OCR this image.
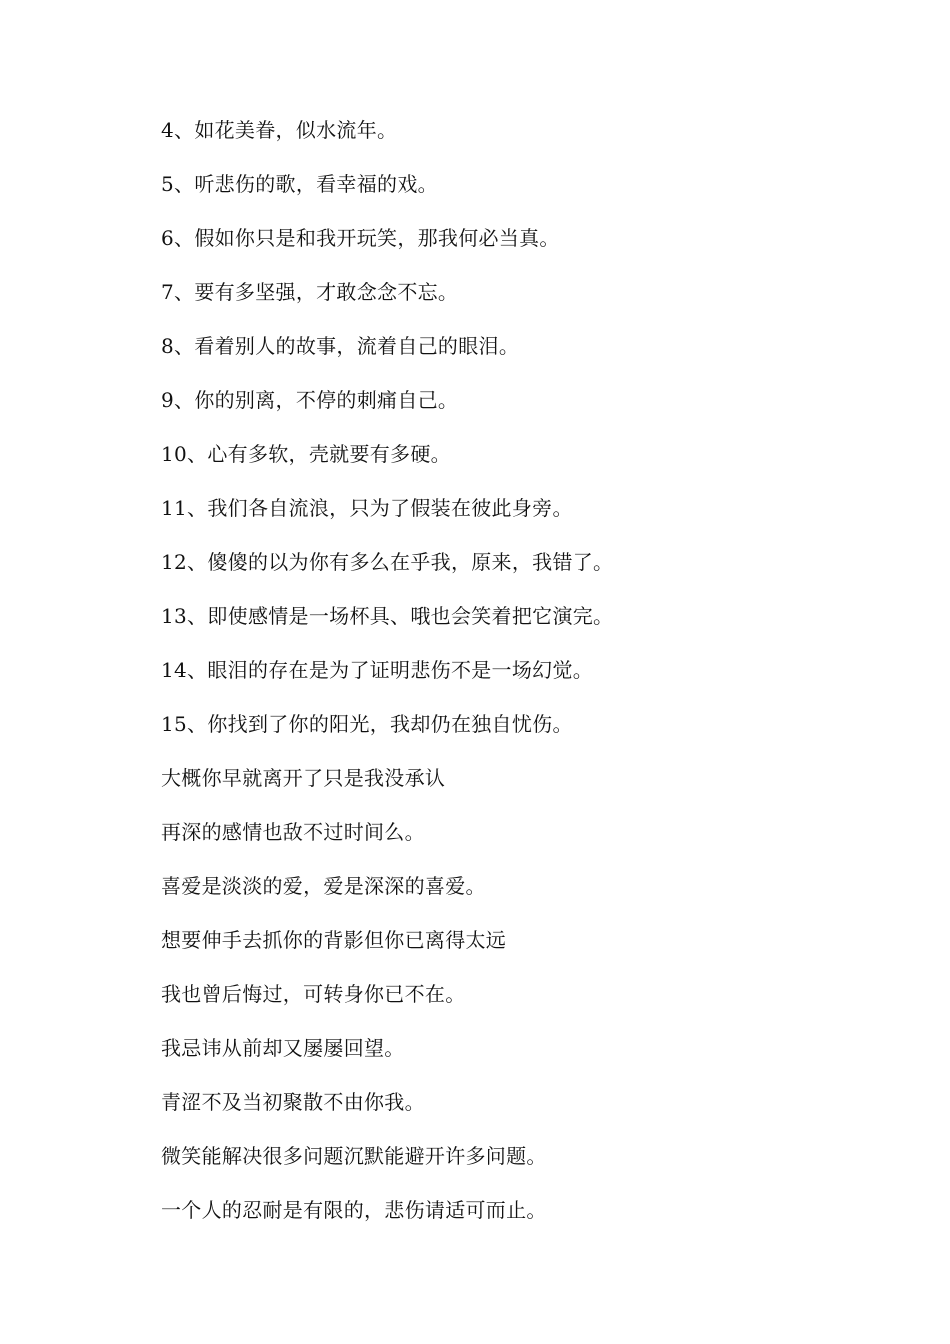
4、如花美眷，似水流年。
5、听悲伤的歌，看幸福的戏。
6、假如你只是和我开玩笑，那我何必当真。
7、要有多坚强，才敢念念不忘。
8、看着别人的故事，流着自己的眼泪。
9、你的别离，不停的刺痛自己。
10、心有多软，壳就要有多硬。
11、我们各自流浪，只为了假装在彼此身旁。
12、傻傻的以为你有多么在乎我，原来，我错了。
13、即使感情是一场杯具、哦也会笑着把它演完。
14、眼泪的存在是为了证明悲伤不是一场幻觉。
15、你找到了你的阳光，我却仍在独自忧伤。
大概你早就离开了只是我没承认
再深的感情也敌不过时间么。
喜爱是淡淡的爱，爱是深深的喜爱。
想要伸手去抓你的背影但你已离得太远
我也曾后悔过，可转身你已不在。
我忌讳从前却又屡屡回望。
青涩不及当初聚散不由你我。
微笑能解决很多问题沉默能避开许多问题。
一个人的忍耐是有限的，悲伤请适可而止。
